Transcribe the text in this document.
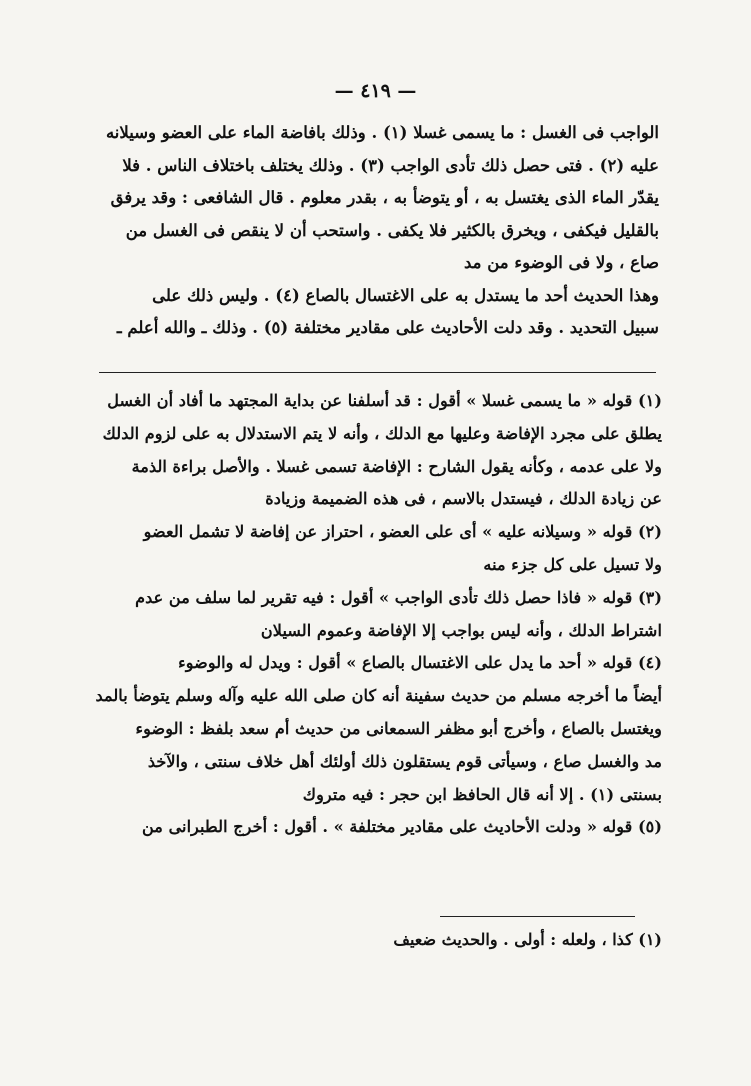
— ٤١٩ —
الواجب فى الغسل : ما يسمى غسلا (١) . وذلك بافاضة الماء على العضو وسيلانه
عليه (٢) . فتى حصل ذلك تأدى الواجب (٣) . وذلك يختلف باختلاف الناس . فلا
يقدّر الماء الذى يغتسل به ، أو يتوضأ به ، بقدر معلوم . قال الشافعى : وقد يرفق
بالقليل فيكفى ، ويخرق بالكثير فلا يكفى . واستحب أن لا ينقص فى الغسل من
صاع ، ولا فى الوضوء من مد
وهذا الحديث أحد ما يستدل به على الاغتسال بالصاع (٤) . وليس ذلك على
سبيل التحديد . وقد دلت الأحاديث على مقادير مختلفة (٥) . وذلك ـ والله أعلم ـ
(١) قوله « ما يسمى غسلا » أقول : قد أسلفنا عن بداية المجتهد ما أفاد أن الغسل
يطلق على مجرد الإفاضة وعليها مع الدلك ، وأنه لا يتم الاستدلال به على لزوم الدلك
ولا على عدمه ، وكأنه يقول الشارح : الإفاضة تسمى غسلا . والأصل براءة الذمة
عن زيادة الدلك ، فيستدل بالاسم ، فى هذه الضميمة وزيادة
(٢) قوله « وسيلانه عليه » أى على العضو ، احتراز عن إفاضة لا تشمل العضو
ولا تسيل على كل جزء منه
(٣) قوله « فاذا حصل ذلك تأدى الواجب » أقول : فيه تقرير لما سلف من عدم
اشتراط الدلك ، وأنه ليس بواجب إلا الإفاضة وعموم السيلان
(٤) قوله « أحد ما يدل على الاغتسال بالصاع » أقول : ويدل له والوضوء
أيضاً ما أخرجه مسلم من حديث سفينة أنه كان صلى الله عليه وآله وسلم يتوضأ بالمد
ويغتسل بالصاع ، وأخرج أبو مظفر السمعانى من حديث أم سعد بلفظ : الوضوء
مد والغسل صاع ، وسيأتى قوم يستقلون ذلك أولئك أهل خلاف سنتى ، والآخذ
بسنتى (١) . إلا أنه قال الحافظ ابن حجر : فيه متروك
(٥) قوله « ودلت الأحاديث على مقادير مختلفة » . أقول : أخرج الطبرانى من
(١) كذا ، ولعله : أولى . والحديث ضعيف
